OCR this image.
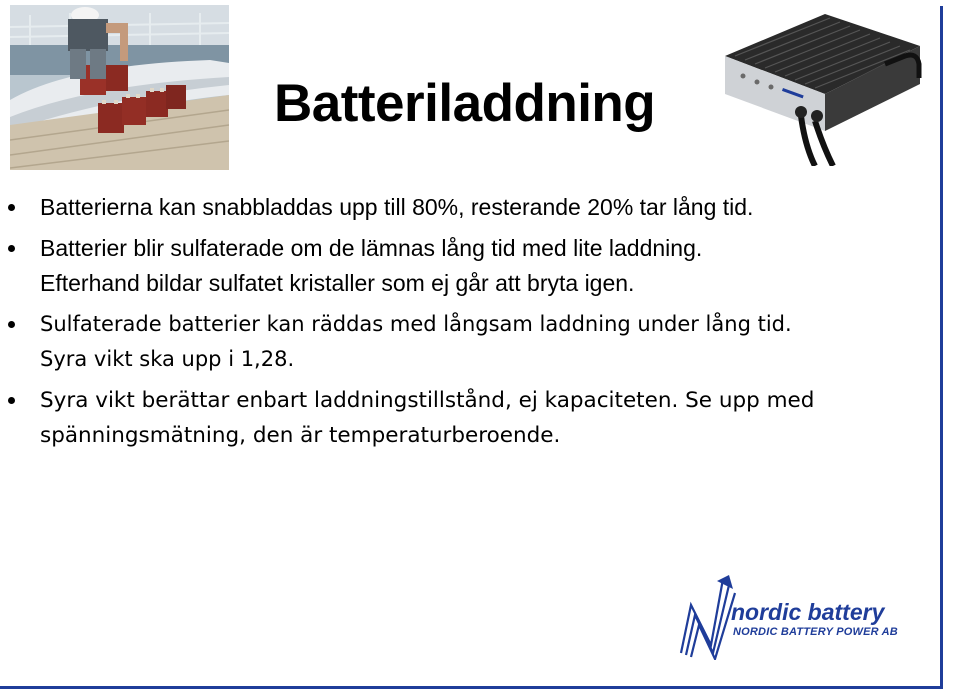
Batteriladdning
Batterierna kan snabbladdas upp till 80%, resterande 20% tar lång tid.
Batterier blir sulfaterade om de lämnas lång tid med lite laddning.
Efterhand bildar sulfatet kristaller som ej går att bryta igen.
Sulfaterade batterier kan räddas med långsam laddning under lång tid.
Syra vikt ska upp i 1,28.
Syra vikt berättar enbart laddningstillstånd, ej kapaciteten. Se upp med
spänningsmätning, den är temperaturberoende.
nordic battery
NORDIC BATTERY POWER AB
